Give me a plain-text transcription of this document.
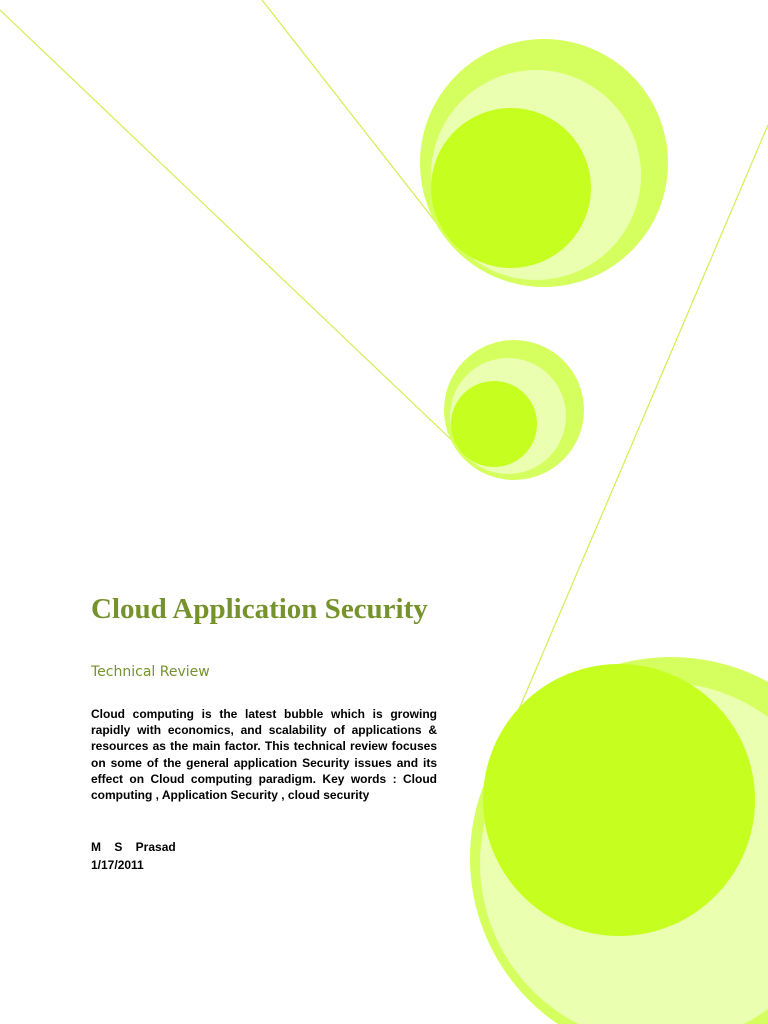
Cloud Application Security

Technical Review

Cloud computing is the latest bubble which is growing rapidly with economics, and scalability of applications & resources as the main factor. This technical review focuses on some of the general application Security issues and its effect on Cloud computing paradigm. Key words : Cloud computing , Application Security , cloud security

M S Prasad

1/17/2011
